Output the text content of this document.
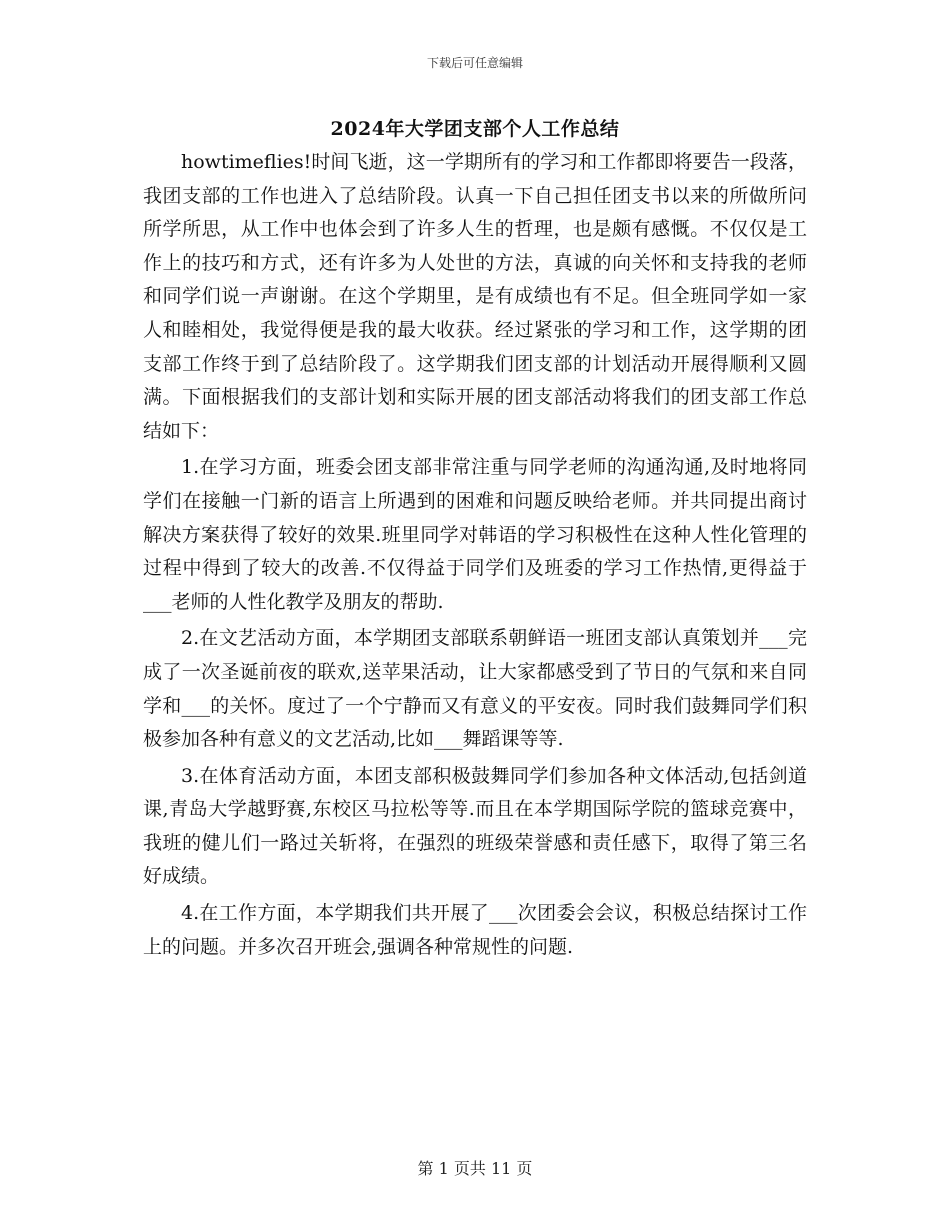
下载后可任意编辑
2024年大学团支部个人工作总结

howtimeflies!时间飞逝，这一学期所有的学习和工作都即将要告一段落，我团支部的工作也进入了总结阶段。认真一下自己担任团支书以来的所做所问所学所思，从工作中也体会到了许多人生的哲理，也是颇有感慨。不仅仅是工作上的技巧和方式，还有许多为人处世的方法，真诚的向关怀和支持我的老师和同学们说一声谢谢。在这个学期里，是有成绩也有不足。但全班同学如一家人和睦相处，我觉得便是我的最大收获。经过紧张的学习和工作，这学期的团支部工作终于到了总结阶段了。这学期我们团支部的计划活动开展得顺利又圆满。下面根据我们的支部计划和实际开展的团支部活动将我们的团支部工作总结如下：

1.在学习方面，班委会团支部非常注重与同学老师的沟通沟通,及时地将同学们在接触一门新的语言上所遇到的困难和问题反映给老师。并共同提出商讨解决方案获得了较好的效果.班里同学对韩语的学习积极性在这种人性化管理的过程中得到了较大的改善.不仅得益于同学们及班委的学习工作热情,更得益于___老师的人性化教学及朋友的帮助.

2.在文艺活动方面，本学期团支部联系朝鲜语一班团支部认真策划并___完成了一次圣诞前夜的联欢,送苹果活动，让大家都感受到了节日的气氛和来自同学和___的关怀。度过了一个宁静而又有意义的平安夜。同时我们鼓舞同学们积极参加各种有意义的文艺活动,比如___舞蹈课等等.

3.在体育活动方面，本团支部积极鼓舞同学们参加各种文体活动,包括剑道课,青岛大学越野赛,东校区马拉松等等.而且在本学期国际学院的篮球竞赛中，我班的健儿们一路过关斩将，在强烈的班级荣誉感和责任感下，取得了第三名好成绩。

4.在工作方面，本学期我们共开展了___次团委会会议，积极总结探讨工作上的问题。并多次召开班会,强调各种常规性的问题.

第 1 页共 11 页
